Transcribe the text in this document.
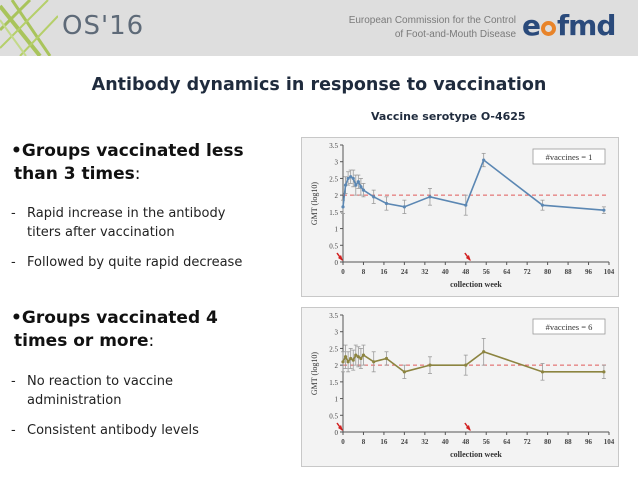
OS'16	European Commission for the Control
of Foot-and-Mouth Disease e fmd
Antibody dynamics in response to vaccination
Vaccine serotype O-4625
•Groups vaccinated less
than 3 times:
- Rapid increase in the antibody
titers after vaccination
- Followed by quite rapid decrease
•Groups vaccinated 4
times or more:
- No reaction to vaccine
administration
- Consistent antibody levels
0
0.5
1
1.5
2
2.5
3
3.5
0 8 16 24 32 40 48 56 64 72 80 88 96 104
collection week
GMT (log10)
#vaccines = 1
0
0.5
1
1.5
2
2.5
3
3.5
0 8 16 24 32 40 48 56 64 72 80 88 96 104
collection week
GMT (log10)
#vaccines = 6
